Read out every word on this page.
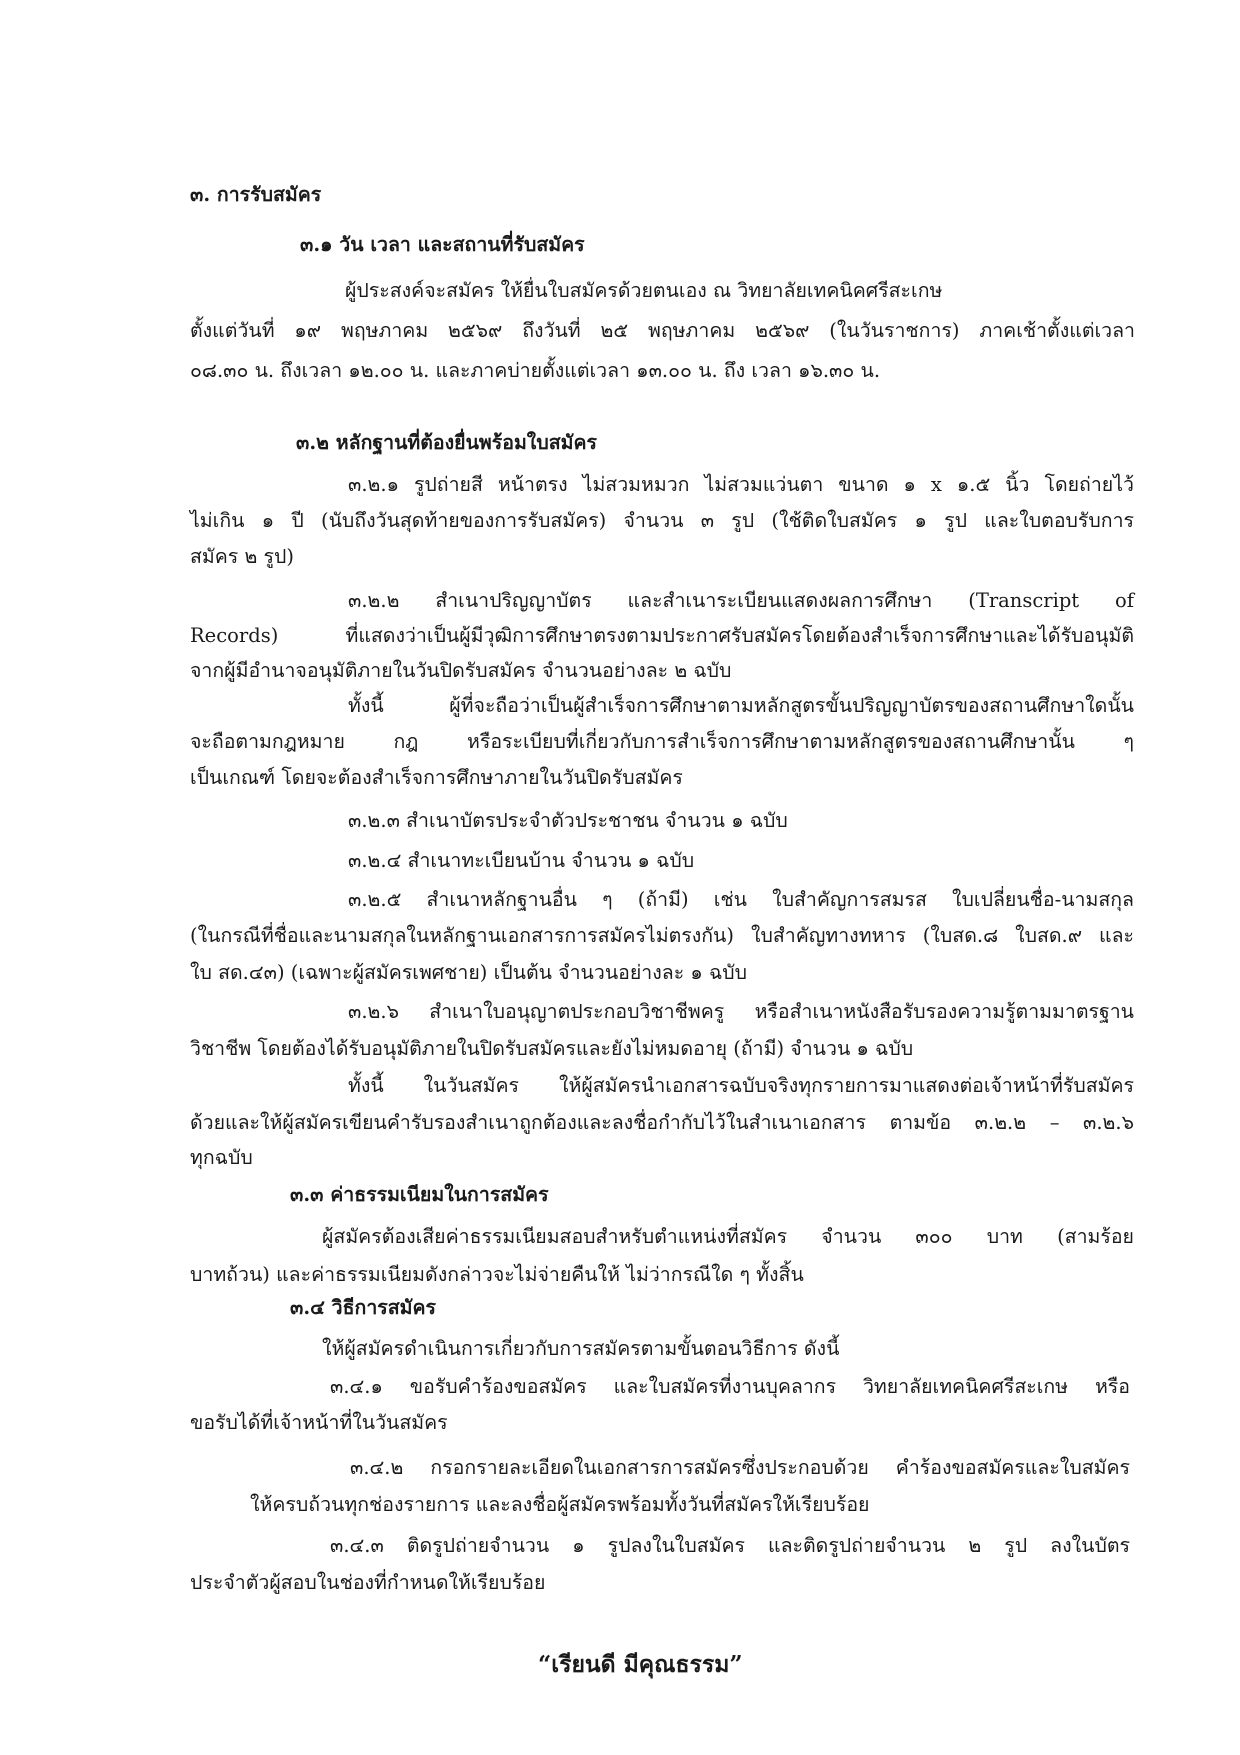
๓. การรับสมัคร
๓.๑ วัน เวลา และสถานที่รับสมัคร
ผู้ประสงค์จะสมัคร ให้ยื่นใบสมัครด้วยตนเอง ณ วิทยาลัยเทคนิคศรีสะเกษ
ตั้งแต่วันที่ ๑๙ พฤษภาคม ๒๕๖๙ ถึงวันที่ ๒๕ พฤษภาคม ๒๕๖๙ (ในวันราชการ) ภาคเช้าตั้งแต่เวลา
๐๘.๓๐ น. ถึงเวลา ๑๒.๐๐ น. และภาคบ่ายตั้งแต่เวลา ๑๓.๐๐ น. ถึง เวลา ๑๖.๓๐ น.
๓.๒ หลักฐานที่ต้องยื่นพร้อมใบสมัคร
๓.๒.๑ รูปถ่ายสี หน้าตรง ไม่สวมหมวก ไม่สวมแว่นตา ขนาด ๑ x ๑.๕ นิ้ว โดยถ่ายไว้
ไม่เกิน ๑ ปี (นับถึงวันสุดท้ายของการรับสมัคร) จำนวน ๓ รูป (ใช้ติดใบสมัคร ๑ รูป และใบตอบรับการ
สมัคร ๒ รูป)
๓.๒.๒ สำเนาปริญญาบัตร และสำเนาระเบียนแสดงผลการศึกษา (Transcript of
Records) ที่แสดงว่าเป็นผู้มีวุฒิการศึกษาตรงตามประกาศรับสมัครโดยต้องสำเร็จการศึกษาและได้รับอนุมัติ
จากผู้มีอำนาจอนุมัติภายในวันปิดรับสมัคร จำนวนอย่างละ ๒ ฉบับ
ทั้งนี้ ผู้ที่จะถือว่าเป็นผู้สำเร็จการศึกษาตามหลักสูตรขั้นปริญญาบัตรของสถานศึกษาใดนั้น
จะถือตามกฎหมาย กฎ หรือระเบียบที่เกี่ยวกับการสำเร็จการศึกษาตามหลักสูตรของสถานศึกษานั้น ๆ
เป็นเกณฑ์ โดยจะต้องสำเร็จการศึกษาภายในวันปิดรับสมัคร
๓.๒.๓ สำเนาบัตรประจำตัวประชาชน จำนวน ๑ ฉบับ
๓.๒.๔ สำเนาทะเบียนบ้าน จำนวน ๑ ฉบับ
๓.๒.๕ สำเนาหลักฐานอื่น ๆ (ถ้ามี) เช่น ใบสำคัญการสมรส ใบเปลี่ยนชื่อ-นามสกุล
(ในกรณีที่ชื่อและนามสกุลในหลักฐานเอกสารการสมัครไม่ตรงกัน) ใบสำคัญทางทหาร (ใบสด.๘ ใบสด.๙ และ
ใบ สด.๔๓) (เฉพาะผู้สมัครเพศชาย) เป็นต้น จำนวนอย่างละ ๑ ฉบับ
๓.๒.๖ สำเนาใบอนุญาตประกอบวิชาชีพครู หรือสำเนาหนังสือรับรองความรู้ตามมาตรฐาน
วิชาชีพ โดยต้องได้รับอนุมัติภายในปิดรับสมัครและยังไม่หมดอายุ (ถ้ามี) จำนวน ๑ ฉบับ
ทั้งนี้ ในวันสมัคร ให้ผู้สมัครนำเอกสารฉบับจริงทุกรายการมาแสดงต่อเจ้าหน้าที่รับสมัคร
ด้วยและให้ผู้สมัครเขียนคำรับรองสำเนาถูกต้องและลงชื่อกำกับไว้ในสำเนาเอกสาร ตามข้อ ๓.๒.๒ – ๓.๒.๖
ทุกฉบับ
๓.๓ ค่าธรรมเนียมในการสมัคร
ผู้สมัครต้องเสียค่าธรรมเนียมสอบสำหรับตำแหน่งที่สมัคร จำนวน ๓๐๐ บาท (สามร้อย
บาทถ้วน) และค่าธรรมเนียมดังกล่าวจะไม่จ่ายคืนให้ ไม่ว่ากรณีใด ๆ ทั้งสิ้น
๓.๔ วิธีการสมัคร
ให้ผู้สมัครดำเนินการเกี่ยวกับการสมัครตามขั้นตอนวิธีการ ดังนี้
๓.๔.๑ ขอรับคำร้องขอสมัคร และใบสมัครที่งานบุคลากร วิทยาลัยเทคนิคศรีสะเกษ หรือ
ขอรับได้ที่เจ้าหน้าที่ในวันสมัคร
๓.๔.๒ กรอกรายละเอียดในเอกสารการสมัครซึ่งประกอบด้วย คำร้องขอสมัครและใบสมัคร
ให้ครบถ้วนทุกช่องรายการ และลงชื่อผู้สมัครพร้อมทั้งวันที่สมัครให้เรียบร้อย
๓.๔.๓ ติดรูปถ่ายจำนวน ๑ รูปลงในใบสมัคร และติดรูปถ่ายจำนวน ๒ รูป ลงในบัตร
ประจำตัวผู้สอบในช่องที่กำหนดให้เรียบร้อย
“เรียนดี มีคุณธรรม”
